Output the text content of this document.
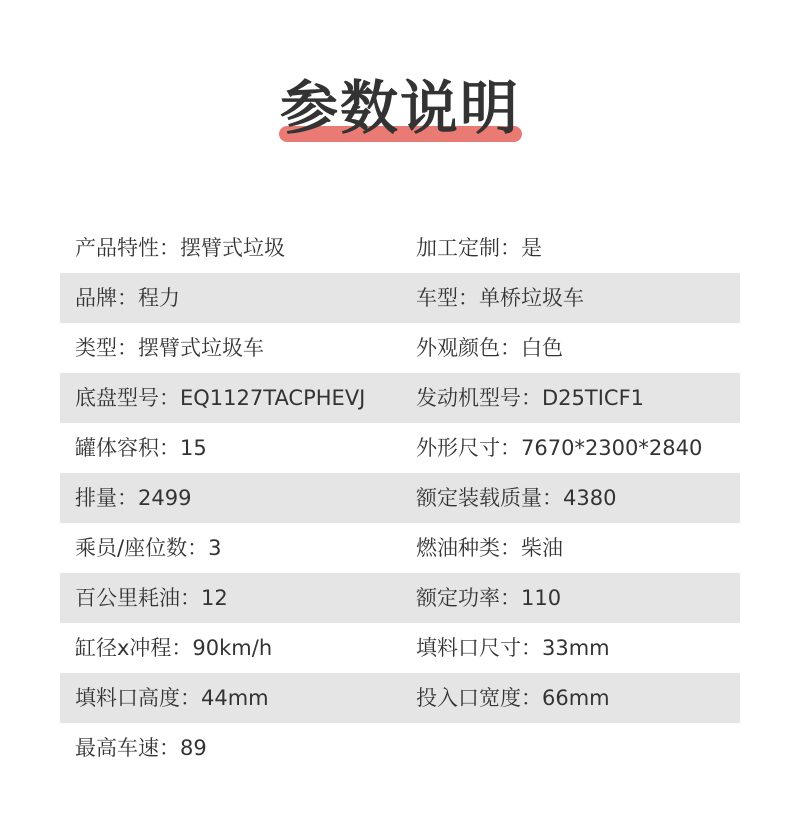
参数说明
产品特性：摆臂式垃圾	加工定制：是
品牌：程力	车型：单桥垃圾车
类型：摆臂式垃圾车	外观颜色：白色
底盘型号：EQ1127TACPHEVJ 发动机型号：D25TICF1
罐体容积：15	外形尺寸：7670*2300*2840
排量：2499	额定装载质量：4380
乘员/座位数：3	燃油种类：柴油
百公里耗油：12	额定功率：110
缸径x冲程：90km/h	填料口尺寸：33mm
填料口高度：44mm	投入口宽度：66mm
最高车速：89
